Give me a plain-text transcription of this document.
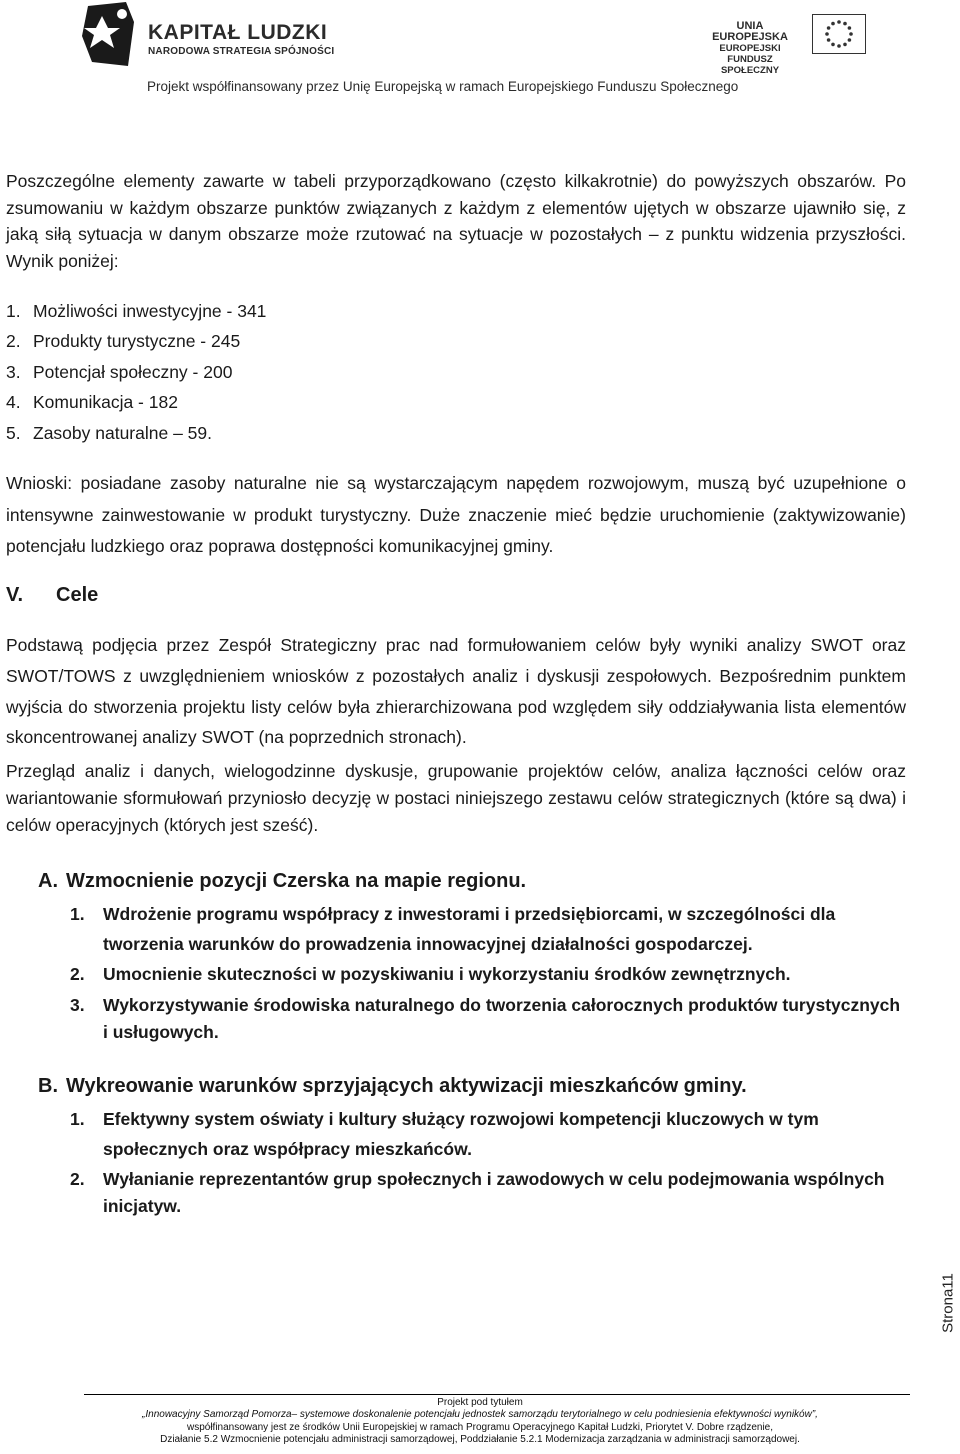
KAPITAŁ LUDZKI
NARODOWA STRATEGIA SPÓJNOŚCI
UNIA EUROPEJSKA
EUROPEJSKI
FUNDUSZ SPOŁECZNY
Projekt współfinansowany przez Unię Europejską w ramach Europejskiego Funduszu Społecznego

Poszczególne elementy zawarte w tabeli przyporządkowano (często kilkakrotnie) do powyższych obszarów. Po zsumowaniu w każdym obszarze punktów związanych z każdym z elementów ujętych w obszarze ujawniło się, z jaką siłą sytuacja w danym obszarze może rzutować na sytuacje w pozostałych – z punktu widzenia przyszłości. Wynik poniżej:

1. Możliwości inwestycyjne - 341
2. Produkty turystyczne - 245
3. Potencjał społeczny - 200
4. Komunikacja - 182
5. Zasoby naturalne – 59.

Wnioski: posiadane zasoby naturalne nie są wystarczającym napędem rozwojowym, muszą być uzupełnione o intensywne zainwestowanie w produkt turystyczny. Duże znaczenie mieć będzie uruchomienie (zaktywizowanie) potencjału ludzkiego oraz poprawa dostępności komunikacyjnej gminy.

V. Cele

Podstawą podjęcia przez Zespół Strategiczny prac nad formułowaniem celów były wyniki analizy SWOT oraz SWOT/TOWS z uwzględnieniem wniosków z pozostałych analiz i dyskusji zespołowych. Bezpośrednim punktem wyjścia do stworzenia projektu listy celów była zhierarchizowana pod względem siły oddziaływania lista elementów skoncentrowanej analizy SWOT (na poprzednich stronach).

Przegląd analiz i danych, wielogodzinne dyskusje, grupowanie projektów celów, analiza łączności celów oraz wariantowanie sformułowań przyniosło decyzję w postaci niniejszego zestawu celów strategicznych (które są dwa) i celów operacyjnych (których jest sześć).

A. Wzmocnienie pozycji Czerska na mapie regionu.
1. Wdrożenie programu współpracy z inwestorami i przedsiębiorcami, w szczególności dla tworzenia warunków do prowadzenia innowacyjnej działalności gospodarczej.
2. Umocnienie skuteczności w pozyskiwaniu i wykorzystaniu środków zewnętrznych.
3. Wykorzystywanie środowiska naturalnego do tworzenia całorocznych produktów turystycznych i usługowych.
B. Wykreowanie warunków sprzyjających aktywizacji mieszkańców gminy.
1. Efektywny system oświaty i kultury służący rozwojowi kompetencji kluczowych w tym społecznych oraz współpracy mieszkańców.
2. Wyłanianie reprezentantów grup społecznych i zawodowych w celu podejmowania wspólnych inicjatyw.
Strona11
Projekt pod tytułem
„Innowacyjny Samorząd Pomorza– systemowe doskonalenie potencjału jednostek samorządu terytorialnego w celu podniesienia efektywności wyników”,
współfinansowany jest ze środków Unii Europejskiej w ramach Programu Operacyjnego Kapitał Ludzki, Priorytet V. Dobre rządzenie,
Działanie 5.2 Wzmocnienie potencjału administracji samorządowej, Poddziałanie 5.2.1 Modernizacja zarządzania w administracji samorządowej.
